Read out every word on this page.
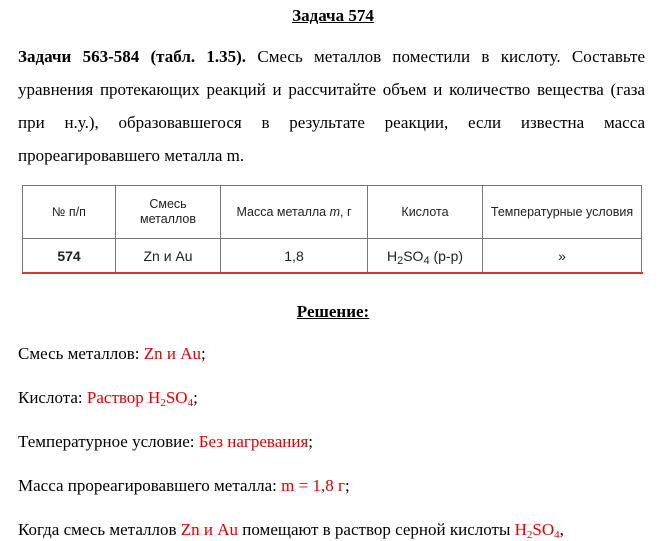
Задача 574
Задачи 563-584 (табл. 1.35). Смесь металлов поместили в кислоту. Составьте уравнения протекающих реакций и рассчитайте объем и количество вещества (газа при н.у.), образовавшегося в результате реакции, если известна масса прореагировавшего металла m.
№ п/п	Смесь металлов	Масса металла m, г	Кислота	Температурные условия
574	Zn и Au	1,8	$H_2SO_4$ (р-р)	»
Решение:
Смесь металлов: Zn и Au;
Кислота: Раствор $H_2SO_4$;
Температурное условие: Без нагревания;
Масса прореагировавшего металла: m = 1,8 г;
Когда смесь металлов Zn и Au помещают в раствор серной кислоты $H_2SO_4$,
